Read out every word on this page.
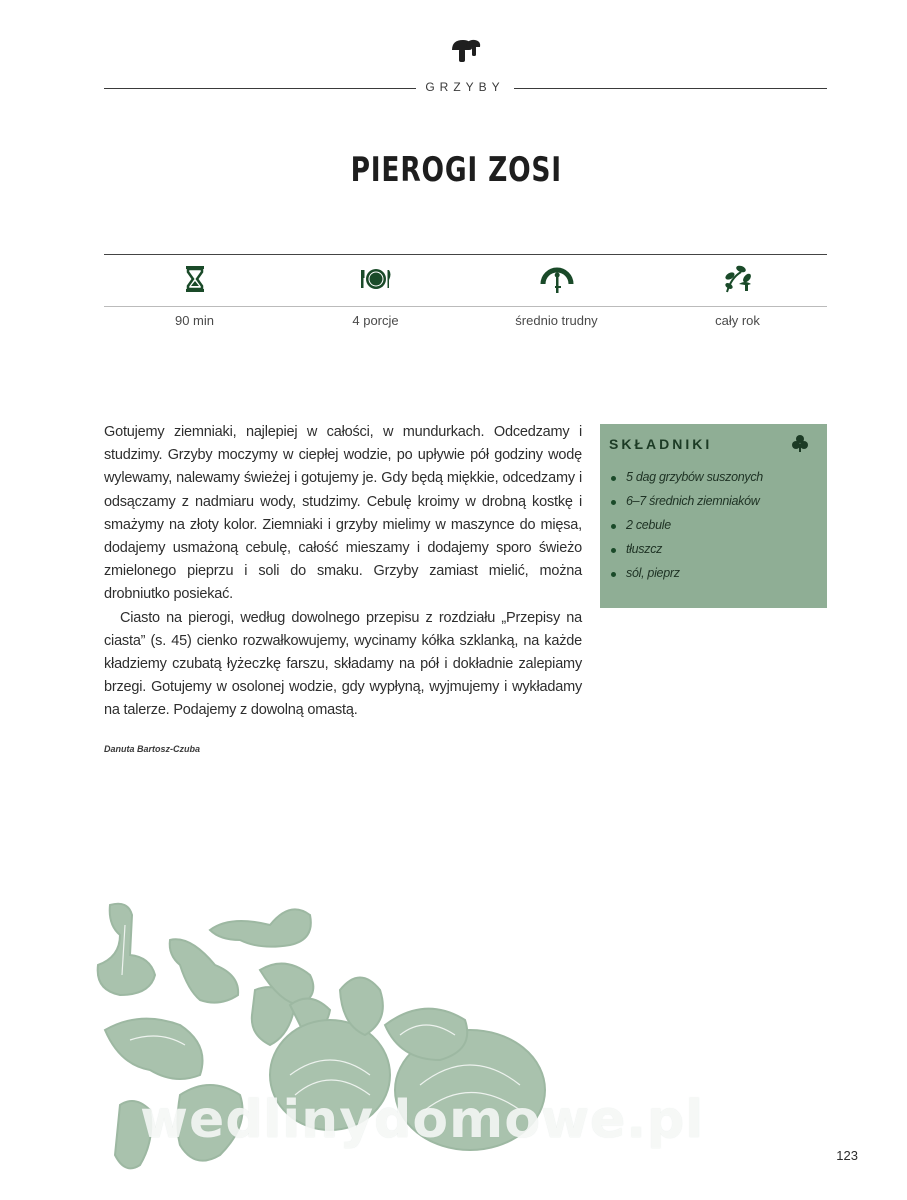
GRZYBY
PIEROGI ZOSI
90 min	4 porcje	średnio trudny	cały rok

Gotujemy ziemniaki, najlepiej w całości, w mundurkach. Odcedzamy i studzimy. Grzyby moczymy w ciepłej wodzie, po upływie pół godziny wodę wylewamy, nalewamy świeżej i gotujemy je. Gdy będą miękkie, odcedzamy i odsączamy z nadmiaru wody, studzimy. Cebulę kroimy w drobną kostkę i smażymy na złoty kolor. Ziemniaki i grzyby mielimy w maszynce do mięsa, dodajemy usmażoną cebulę, całość mieszamy i dodajemy sporo świeżo zmielonego pieprzu i soli do smaku. Grzyby zamiast mielić, można drobniutko posiekać.

Ciasto na pierogi, według dowolnego przepisu z rozdziału „Przepisy na ciasta” (s. 45) cienko rozwałkowujemy, wycinamy kółka szklanką, na każde kładziemy czubatą łyżeczkę farszu, składamy na pół i dokładnie zalepiamy brzegi. Gotujemy w osolonej wodzie, gdy wypłyną, wyjmujemy i wykładamy na talerze. Podajemy z dowolną omastą.

Danuta Bartosz-Czuba
SKŁADNIKI
5 dag grzybów suszonych
6–7 średnich ziemniaków
2 cebule
tłuszcz
sól, pieprz
wedlinydomowe.pl
123
